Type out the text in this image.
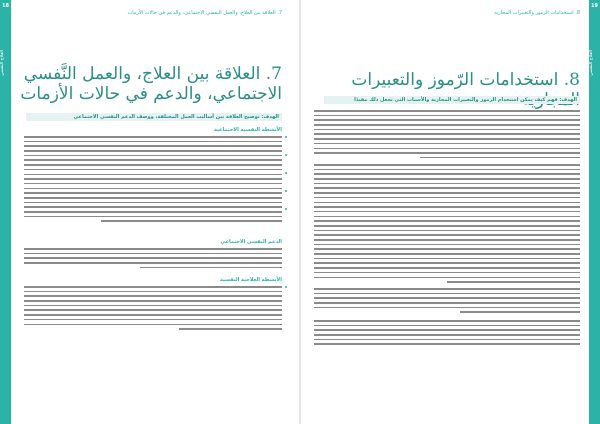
18
العلاج النفسي
7. العلاقة بين العلاج، والعمل النفسي الاجتماعي، والدعم في حالات الأزمات
7. العلاقة بين العلاج، والعمل النَّفسي
الاجتماعي، والدعم في حالات الأزمات
الهدف: توضيح العلاقة بين أساليب العمل المختلفة، ووصف الدعم النفسي الاجتماعي
الأنشطة النفسية الاجتماعية
الدعم النفسي الاجتماعي
الأنشطة العلاجية النفسية
8. استخدامات الرموز والتعبيرات المجازية
8. استخدامات الرّموز والتعبيرات
الهدف: فهم كيف يمكن استخدام الرموز والتعبيرات المجازية والأسباب التي تجعل ذلك مفيدًا
19
العلاج النفسي
